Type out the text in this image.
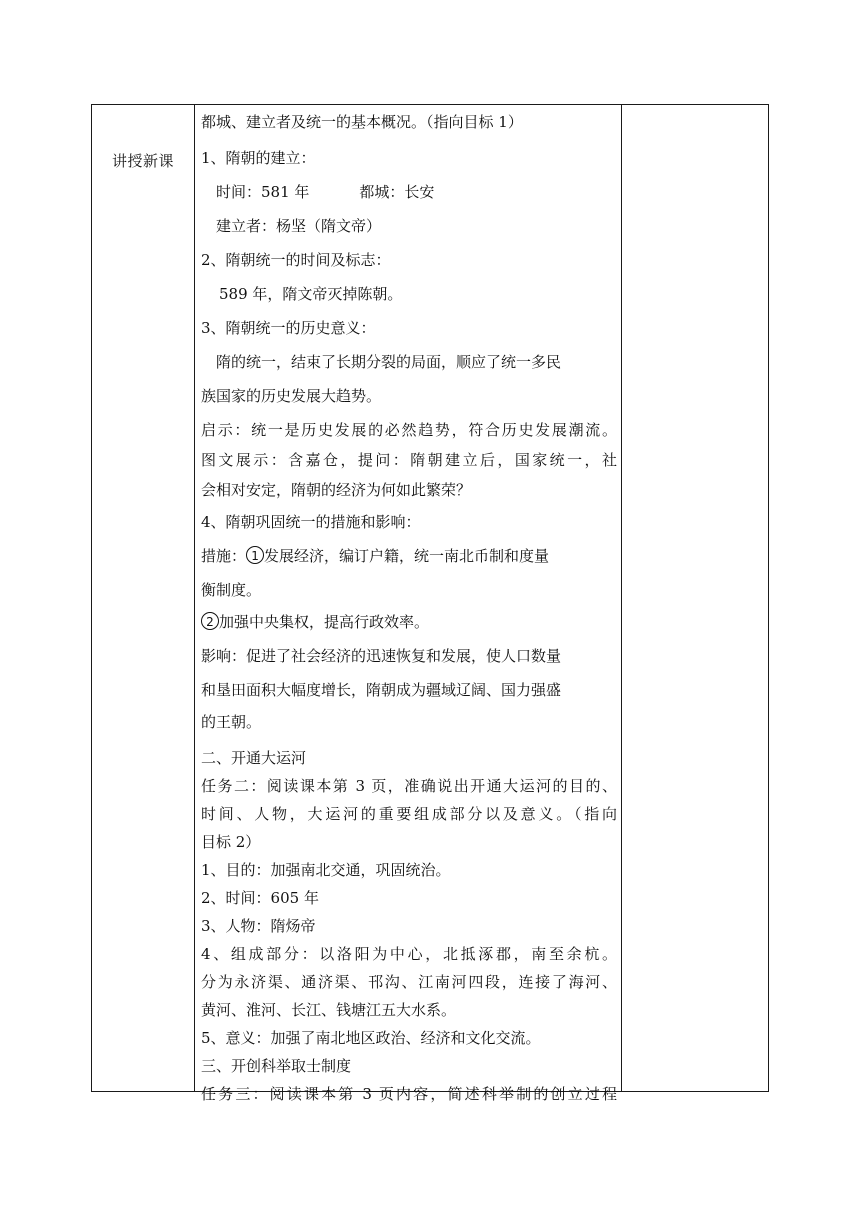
讲授新课
都城、建立者及统一的基本概况。（指向目标 1）
1、隋朝的建立：
时间：581 年	都城：长安
建立者：杨坚（隋文帝）
2、隋朝统一的时间及标志：
589 年，隋文帝灭掉陈朝。
3、隋朝统一的历史意义：
隋的统一，结束了长期分裂的局面，顺应了统一多民
族国家的历史发展大趋势。
启示：统一是历史发展的必然趋势，符合历史发展潮流。
图文展示：含嘉仓，提问：隋朝建立后，国家统一，社
会相对安定，隋朝的经济为何如此繁荣？
4、隋朝巩固统一的措施和影响：
措施： 1 发展经济，编订户籍，统一南北币制和度量
衡制度。
2 加强中央集权，提高行政效率。
影响：促进了社会经济的迅速恢复和发展，使人口数量
和垦田面积大幅度增长，隋朝成为疆域辽阔、国力强盛
的王朝。
二、开通大运河
任务二：阅读课本第 3 页，准确说出开通大运河的目的、
时间、人物，大运河的重要组成部分以及意义。（指向
目标 2）
1、目的：加强南北交通，巩固统治。
2、时间：605 年
3、人物：隋炀帝
4、组成部分：以洛阳为中心，北抵涿郡，南至余杭。
分为永济渠、通济渠、邗沟、江南河四段，连接了海河、
黄河、淮河、长江、钱塘江五大水系。
5、意义：加强了南北地区政治、经济和文化交流。
三、开创科举取士制度
任务三：阅读课本第 3 页内容，简述科举制的创立过程
